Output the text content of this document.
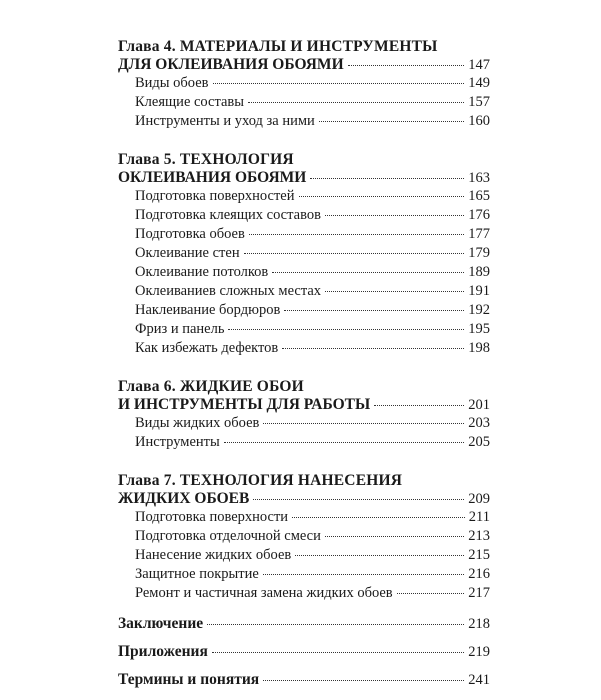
Глава 4. МАТЕРИАЛЫ И ИНСТРУМЕНТЫ
ДЛЯ ОКЛЕИВАНИЯ ОБОЯМИ	147
Виды обоев	149
Клеящие составы	157
Инструменты и уход за ними	160
Глава 5. ТЕХНОЛОГИЯ
ОКЛЕИВАНИЯ ОБОЯМИ	163
Подготовка поверхностей	165
Подготовка клеящих составов	176
Подготовка обоев	177
Оклеивание стен	179
Оклеивание потолков	189
Оклеиваниев сложных местах	191
Наклеивание бордюров	192
Фриз и панель	195
Как избежать дефектов	198
Глава 6. ЖИДКИЕ ОБОИ
И ИНСТРУМЕНТЫ ДЛЯ РАБОТЫ	201
Виды жидких обоев	203
Инструменты	205
Глава 7. ТЕХНОЛОГИЯ НАНЕСЕНИЯ
ЖИДКИХ ОБОЕВ	209
Подготовка поверхности	211
Подготовка отделочной смеси	213
Нанесение жидких обоев	215
Защитное покрытие	216
Ремонт и частичная замена жидких обоев	217
Заключение	218
Приложения	219
Термины и понятия	241
